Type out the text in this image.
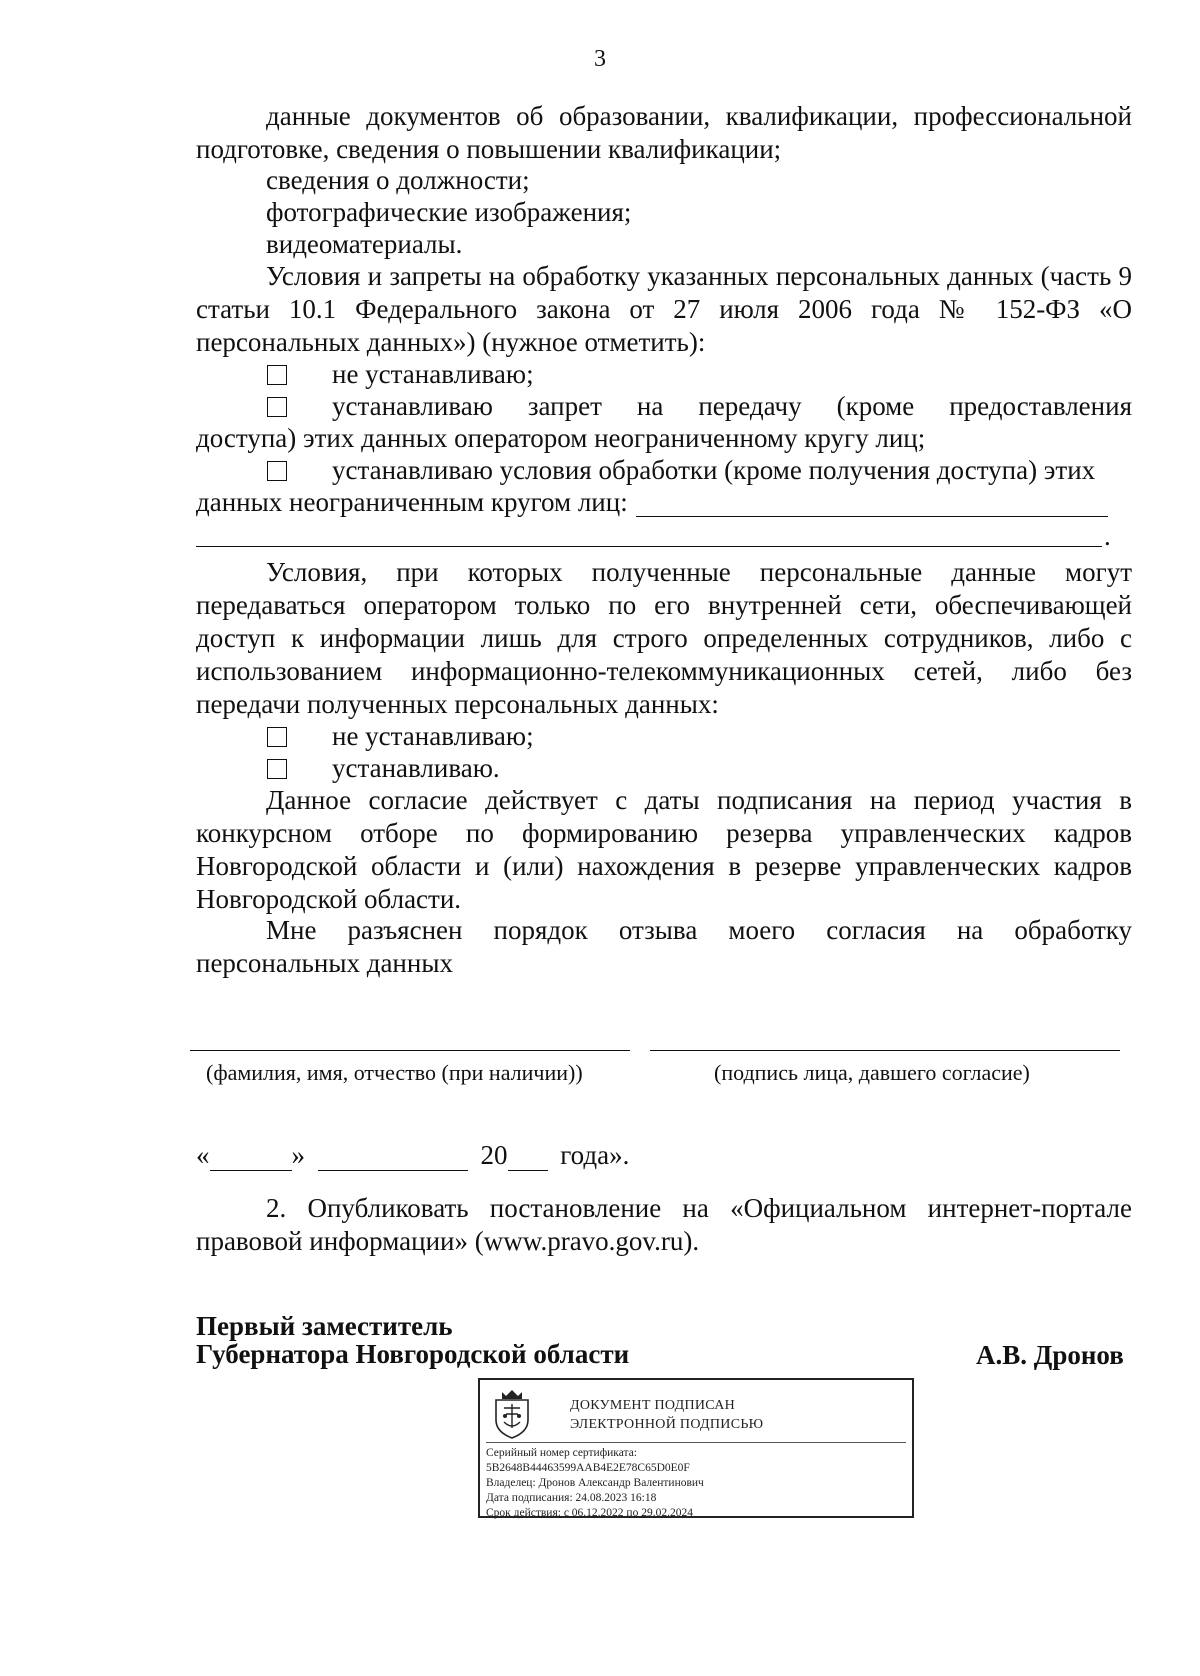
3
данные документов об образовании, квалификации, профессиональной подготовке, сведения о повышении квалификации;
сведения о должности;
фотографические изображения;
видеоматериалы.
Условия и запреты на обработку указанных персональных данных (часть 9 статьи 10.1 Федерального закона от 27 июля 2006 года № 152-ФЗ «О персональных данных») (нужное отметить):
не устанавливаю;
устанавливаю запрет на передачу (кроме предоставления
доступа) этих данных оператором неограниченному кругу лиц;
устанавливаю условия обработки (кроме получения доступа) этих
данных неограниченным кругом лиц:
.
Условия, при которых полученные персональные данные могут передаваться оператором только по его внутренней сети, обеспечивающей доступ к информации лишь для строго определенных сотрудников, либо с использованием информационно-телекоммуникационных сетей, либо без передачи полученных персональных данных:
не устанавливаю;
устанавливаю.
Данное согласие действует с даты подписания на период участия в конкурсном отборе по формированию резерва управленческих кадров Новгородской области и (или) нахождения в резерве управленческих кадров Новгородской области.
Мне разъяснен порядок отзыва моего согласия на обработку персональных данных
(фамилия, имя, отчество (при наличии))	(подпись лица, давшего согласие)
«	»	20 года».
2. Опубликовать постановление на «Официальном интернет-портале правовой информации» (www.pravo.gov.ru).
Первый заместитель
Губернатора Новгородской области	А.В. Дронов
ДОКУМЕНТ ПОДПИСАН
ЭЛЕКТРОННОЙ ПОДПИСЬЮ
Серийный номер сертификата:
5B2648B44463599AAB4E2E78C65D0E0F
Владелец: Дронов Александр Валентинович
Дата подписания: 24.08.2023 16:18
Срок действия: с 06.12.2022 по 29.02.2024
